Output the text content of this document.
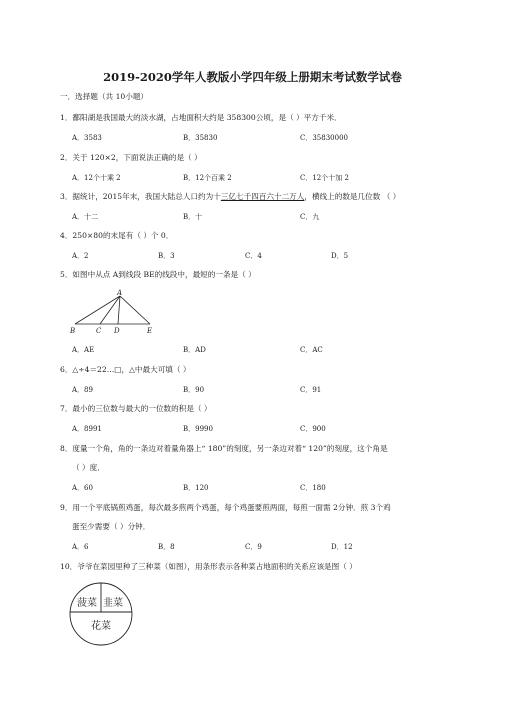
2019-2020学年人教版小学四年级上册期末考试数学试卷
一．选择题（共 10小题）
1．鄱阳湖是我国最大的淡水湖，占地面积大约是 358300公顷，是（ ）平方千米．
A．3583	B．35830	C．35830000
2．关于 120×2，下面说法正确的是（ ）
A．12个十乘 2	B．12个百乘 2	C．12个十加 2
3．据统计，2015年末，我国大陆总人口约为十三亿七千四百六十二万人，横线上的数是几位数 （ ）
A．十二	B．十	C．九
4．250×80的末尾有（ ）个 0．
A．2	B．3	C．4	D．5
5．如图中从点 A到线段 BE的线段中，最短的一条是（ ）
A
B	C D	E
A．AE	B．AD	C．AC
6．△÷4＝22…□，△中最大可填（ ）
A．89	B．90	C．91
7．最小的三位数与最大的一位数的积是（ ）
A．8991	B．9990	C．900
8．度量一个角，角的一条边对着量角器上“ 180”的刻度，另一条边对着“ 120”的刻度，这个角是
（ ）度．
A．60	B．120	C．180
9．用一个平底锅煎鸡蛋，每次最多煎两个鸡蛋，每个鸡蛋要煎两面，每煎一面需 2分钟．煎 3个鸡
蛋至少需要（ ）分钟．
A．6	B．8	C．9	D．12
10．爷爷在菜园里种了三种菜（如图），用条形表示各种菜占地面积的关系应该是图（ ）
菠菜 韭菜
花菜
